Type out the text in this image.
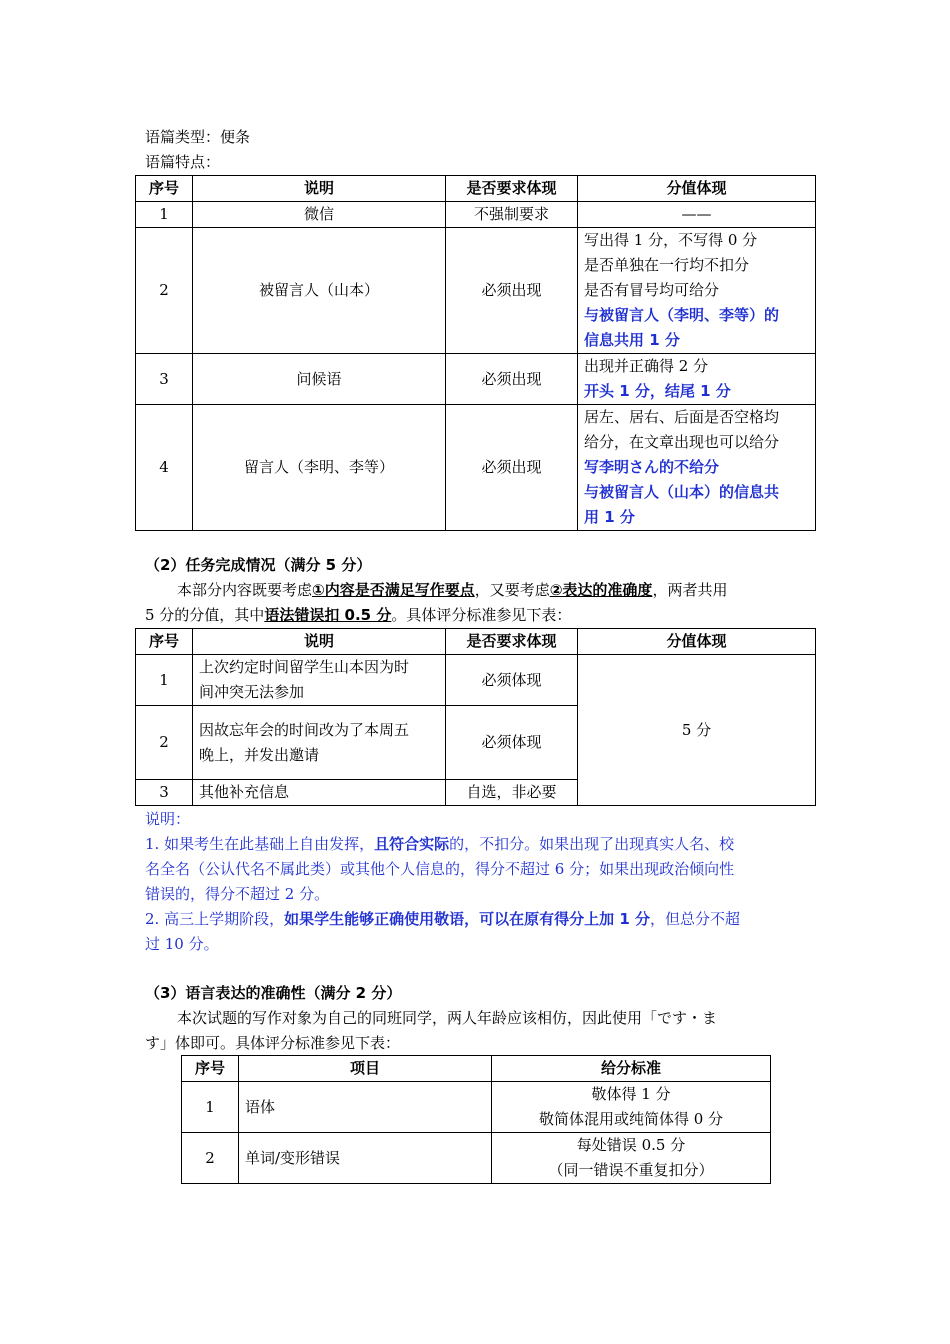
语篇类型：便条
语篇特点：
序号	说明	是否要求体现	分值体现
1	微信	不强制要求	——
2	被留言人（山本）	必须出现	写出得 1 分，不写得 0 分
是否单独在一行均不扣分
是否有冒号均可给分
与被留言人（李明、李等）的
信息共用 1 分

3	问候语	必须出现	出现并正确得 2 分
开头 1 分，结尾 1 分

4	留言人（李明、李等）	必须出现	居左、居右、后面是否空格均
给分，在文章出现也可以给分
写李明さん的不给分
与被留言人（山本）的信息共
用 1 分
（2）任务完成情况（满分 5 分）
本部分内容既要考虑①内容是否满足写作要点，又要考虑②表达的准确度，两者共用
5 分的分值，其中语法错误扣 0.5 分。具体评分标准参见下表：
序号	说明	是否要求体现	分值体现
1	上次约定时间留学生山本因为时
间冲突无法参加	必须体现	5 分
2	因故忘年会的时间改为了本周五
晚上，并发出邀请	必须体现	
3	其他补充信息	自选，非必要	
说明：
1. 如果考生在此基础上自由发挥，且符合实际的，不扣分。如果出现了出现真实人名、校
名全名（公认代名不属此类）或其他个人信息的，得分不超过 6 分；如果出现政治倾向性
错误的，得分不超过 2 分。
2. 高三上学期阶段，如果学生能够正确使用敬语，可以在原有得分上加 1 分，但总分不超
过 10 分。
（3）语言表达的准确性（满分 2 分）
本次试题的写作对象为自己的同班同学，两人年龄应该相仿，因此使用「です・ま
す」体即可。具体评分标准参见下表：
序号	项目	给分标准
1	语体	敬体得 1 分
敬简体混用或纯简体得 0 分

2	单词/变形错误	每处错误 0.5 分
（同一错误不重复扣分）
